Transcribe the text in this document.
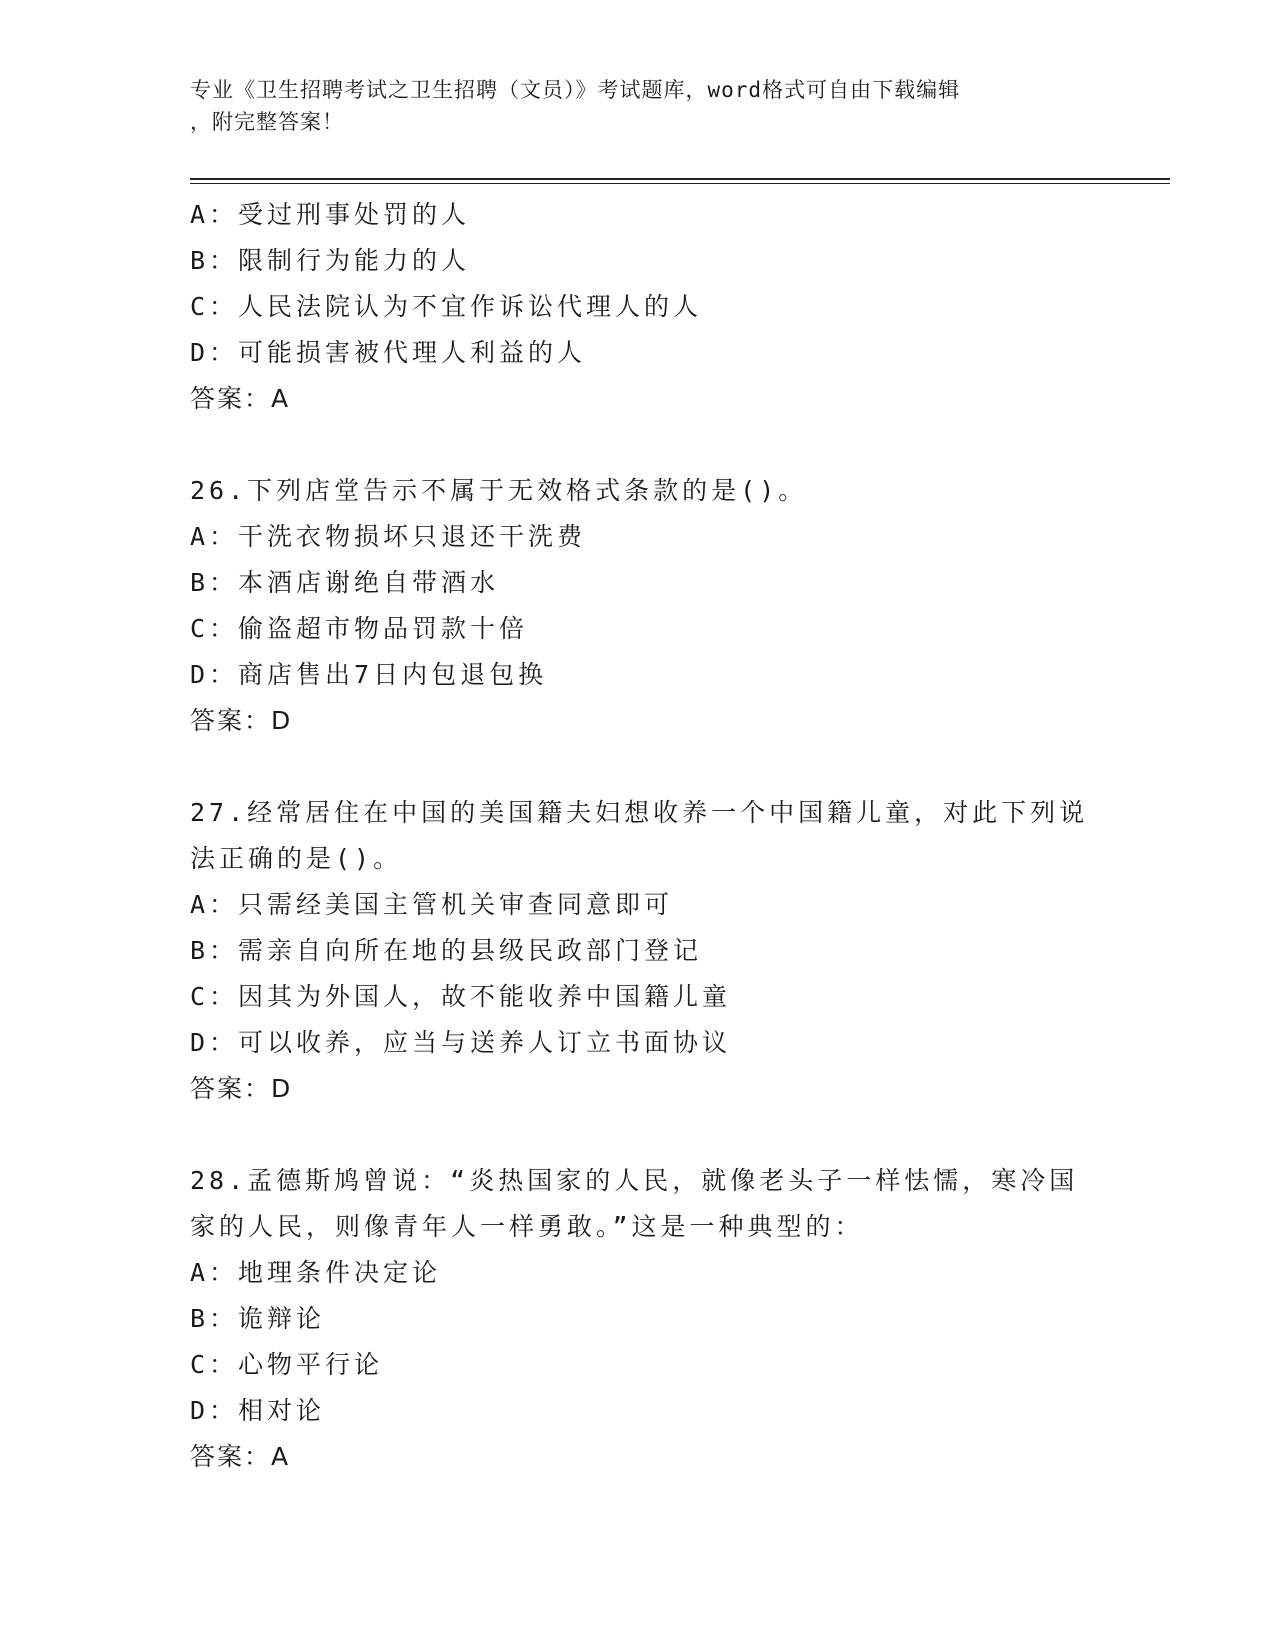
专业《卫生招聘考试之卫生招聘（文员）》考试题库，word格式可自由下载编辑
，附完整答案！
A：受过刑事处罚的人
B：限制行为能力的人
C：人民法院认为不宜作诉讼代理人的人
D：可能损害被代理人利益的人
答案：A
26.下列店堂告示不属于无效格式条款的是()。
A：干洗衣物损坏只退还干洗费
B：本酒店谢绝自带酒水
C：偷盗超市物品罚款十倍
D：商店售出7日内包退包换
答案：D
27.经常居住在中国的美国籍夫妇想收养一个中国籍儿童，对此下列说
法正确的是()。
A：只需经美国主管机关审查同意即可
B：需亲自向所在地的县级民政部门登记
C：因其为外国人，故不能收养中国籍儿童
D：可以收养，应当与送养人订立书面协议
答案：D
28.孟德斯鸠曾说：“炎热国家的人民，就像老头子一样怯懦，寒冷国
家的人民，则像青年人一样勇敢。”这是一种典型的：
A：地理条件决定论
B：诡辩论
C：心物平行论
D：相对论
答案：A
